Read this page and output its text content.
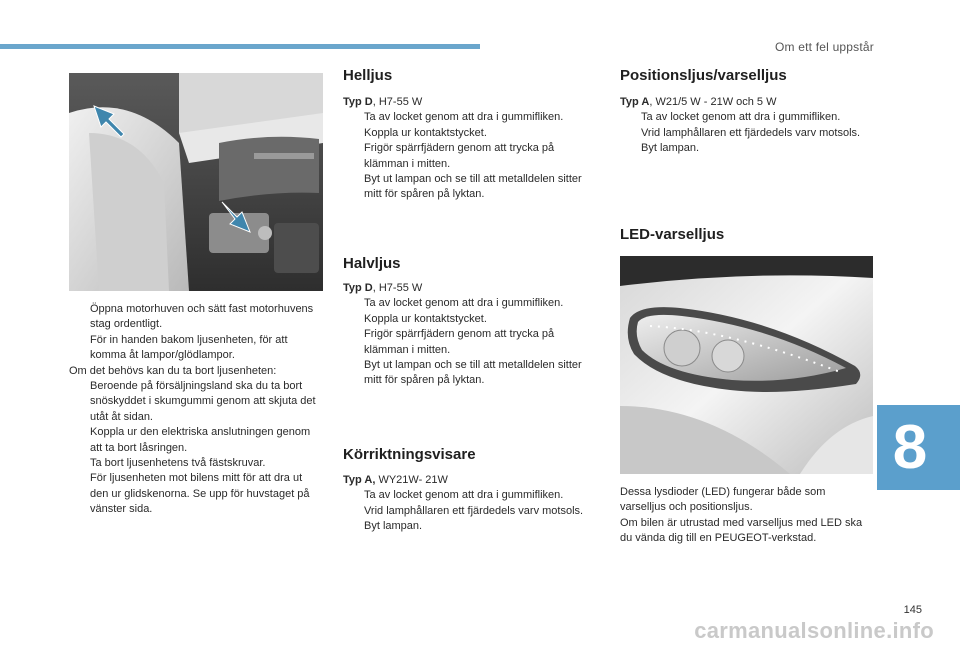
Om ett fel uppstår
Öppna motorhuven och sätt fast motorhuvens stag ordentligt.
För in handen bakom ljusenheten, för att komma åt lampor/glödlampor.
Om det behövs kan du ta bort ljusenheten:
Beroende på försäljningsland ska du ta bort snöskyddet i skumgummi genom att skjuta det utåt åt sidan.
Koppla ur den elektriska anslutningen genom att ta bort låsringen.
Ta bort ljusenhetens två fästskruvar.
För ljusenheten mot bilens mitt för att dra ut den ur glidskenorna. Se upp för huvstaget på vänster sida.
Helljus
Typ D, H7-55 W
Ta av locket genom att dra i gummifliken.
Koppla ur kontaktstycket.
Frigör spärrfjädern genom att trycka på klämman i mitten.
Byt ut lampan och se till att metalldelen sitter mitt för spåren på lyktan.
Halvljus
Typ D, H7-55 W
Ta av locket genom att dra i gummifliken.
Koppla ur kontaktstycket.
Frigör spärrfjädern genom att trycka på klämman i mitten.
Byt ut lampan och se till att metalldelen sitter mitt för spåren på lyktan.
Körriktningsvisare
Typ A, WY21W- 21W
Ta av locket genom att dra i gummifliken.
Vrid lamphållaren ett fjärdedels varv motsols.
Byt lampan.
Positionsljus/varselljus
Typ A, W21/5 W - 21W och 5 W
Ta av locket genom att dra i gummifliken.
Vrid lamphållaren ett fjärdedels varv motsols.
Byt lampan.
LED-varselljus
Dessa lysdioder (LED) fungerar både som varselljus och positionsljus.
Om bilen är utrustad med varselljus med LED ska du vända dig till en PEUGEOT-verkstad.
8
145
carmanualsonline.info
